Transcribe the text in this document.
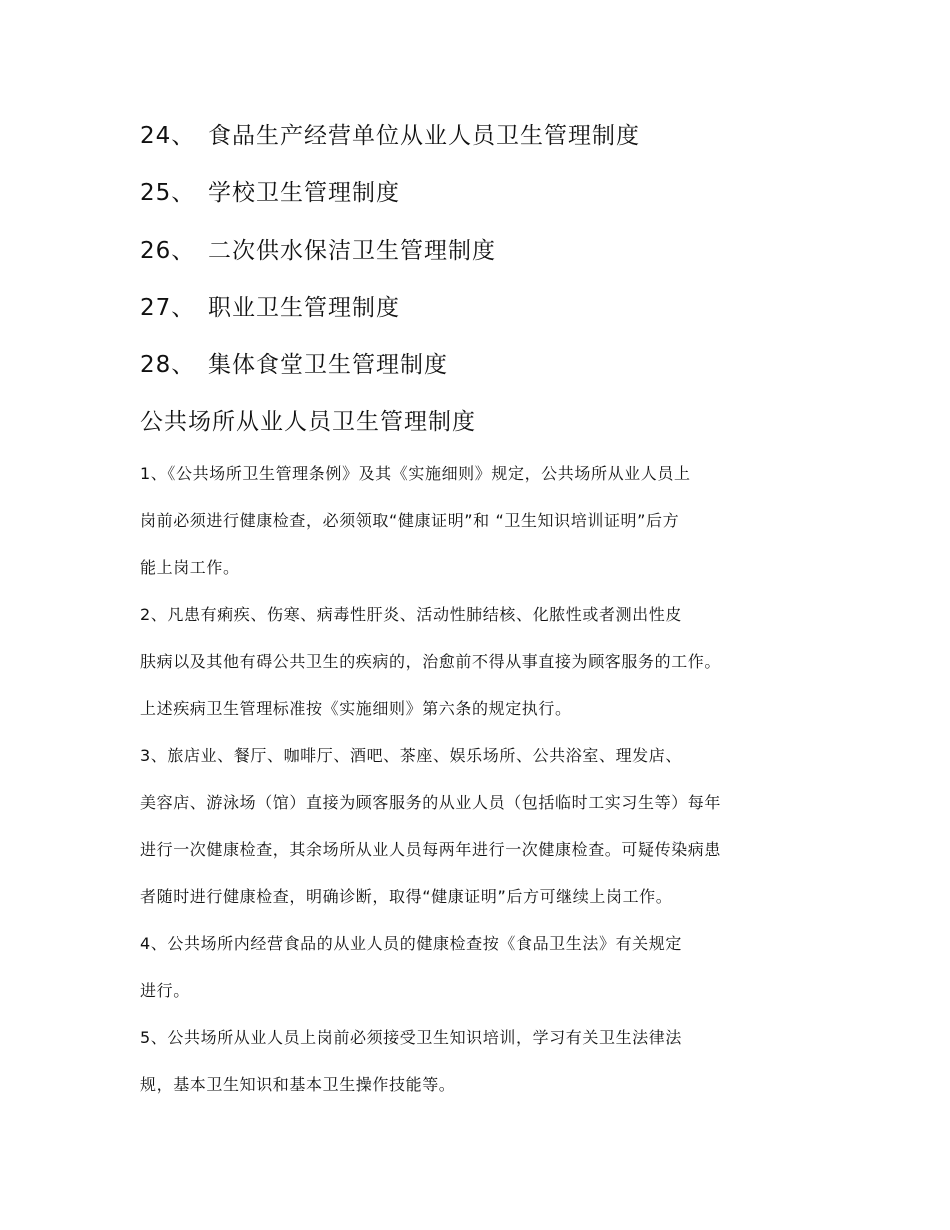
24、 食品生产经营单位从业人员卫生管理制度
25、 学校卫生管理制度
26、 二次供水保洁卫生管理制度
27、 职业卫生管理制度
28、 集体食堂卫生管理制度
公共场所从业人员卫生管理制度
1、《公共场所卫生管理条例》及其《实施细则》规定，公共场所从业人员上
岗前必须进行健康检查，必须领取“健康证明”和 “卫生知识培训证明”后方
能上岗工作。
2、凡患有痢疾、伤寒、病毒性肝炎、活动性肺结核、化脓性或者测出性皮
肤病以及其他有碍公共卫生的疾病的，治愈前不得从事直接为顾客服务的工作。
上述疾病卫生管理标准按《实施细则》第六条的规定执行。
3、旅店业、餐厅、咖啡厅、酒吧、茶座、娱乐场所、公共浴室、理发店、
美容店、游泳场（馆）直接为顾客服务的从业人员（包括临时工实习生等）每年
进行一次健康检查，其余场所从业人员每两年进行一次健康检查。可疑传染病患
者随时进行健康检查，明确诊断，取得“健康证明”后方可继续上岗工作。
4、公共场所内经营食品的从业人员的健康检查按《食品卫生法》有关规定
进行。
5、公共场所从业人员上岗前必须接受卫生知识培训，学习有关卫生法律法
规，基本卫生知识和基本卫生操作技能等。
